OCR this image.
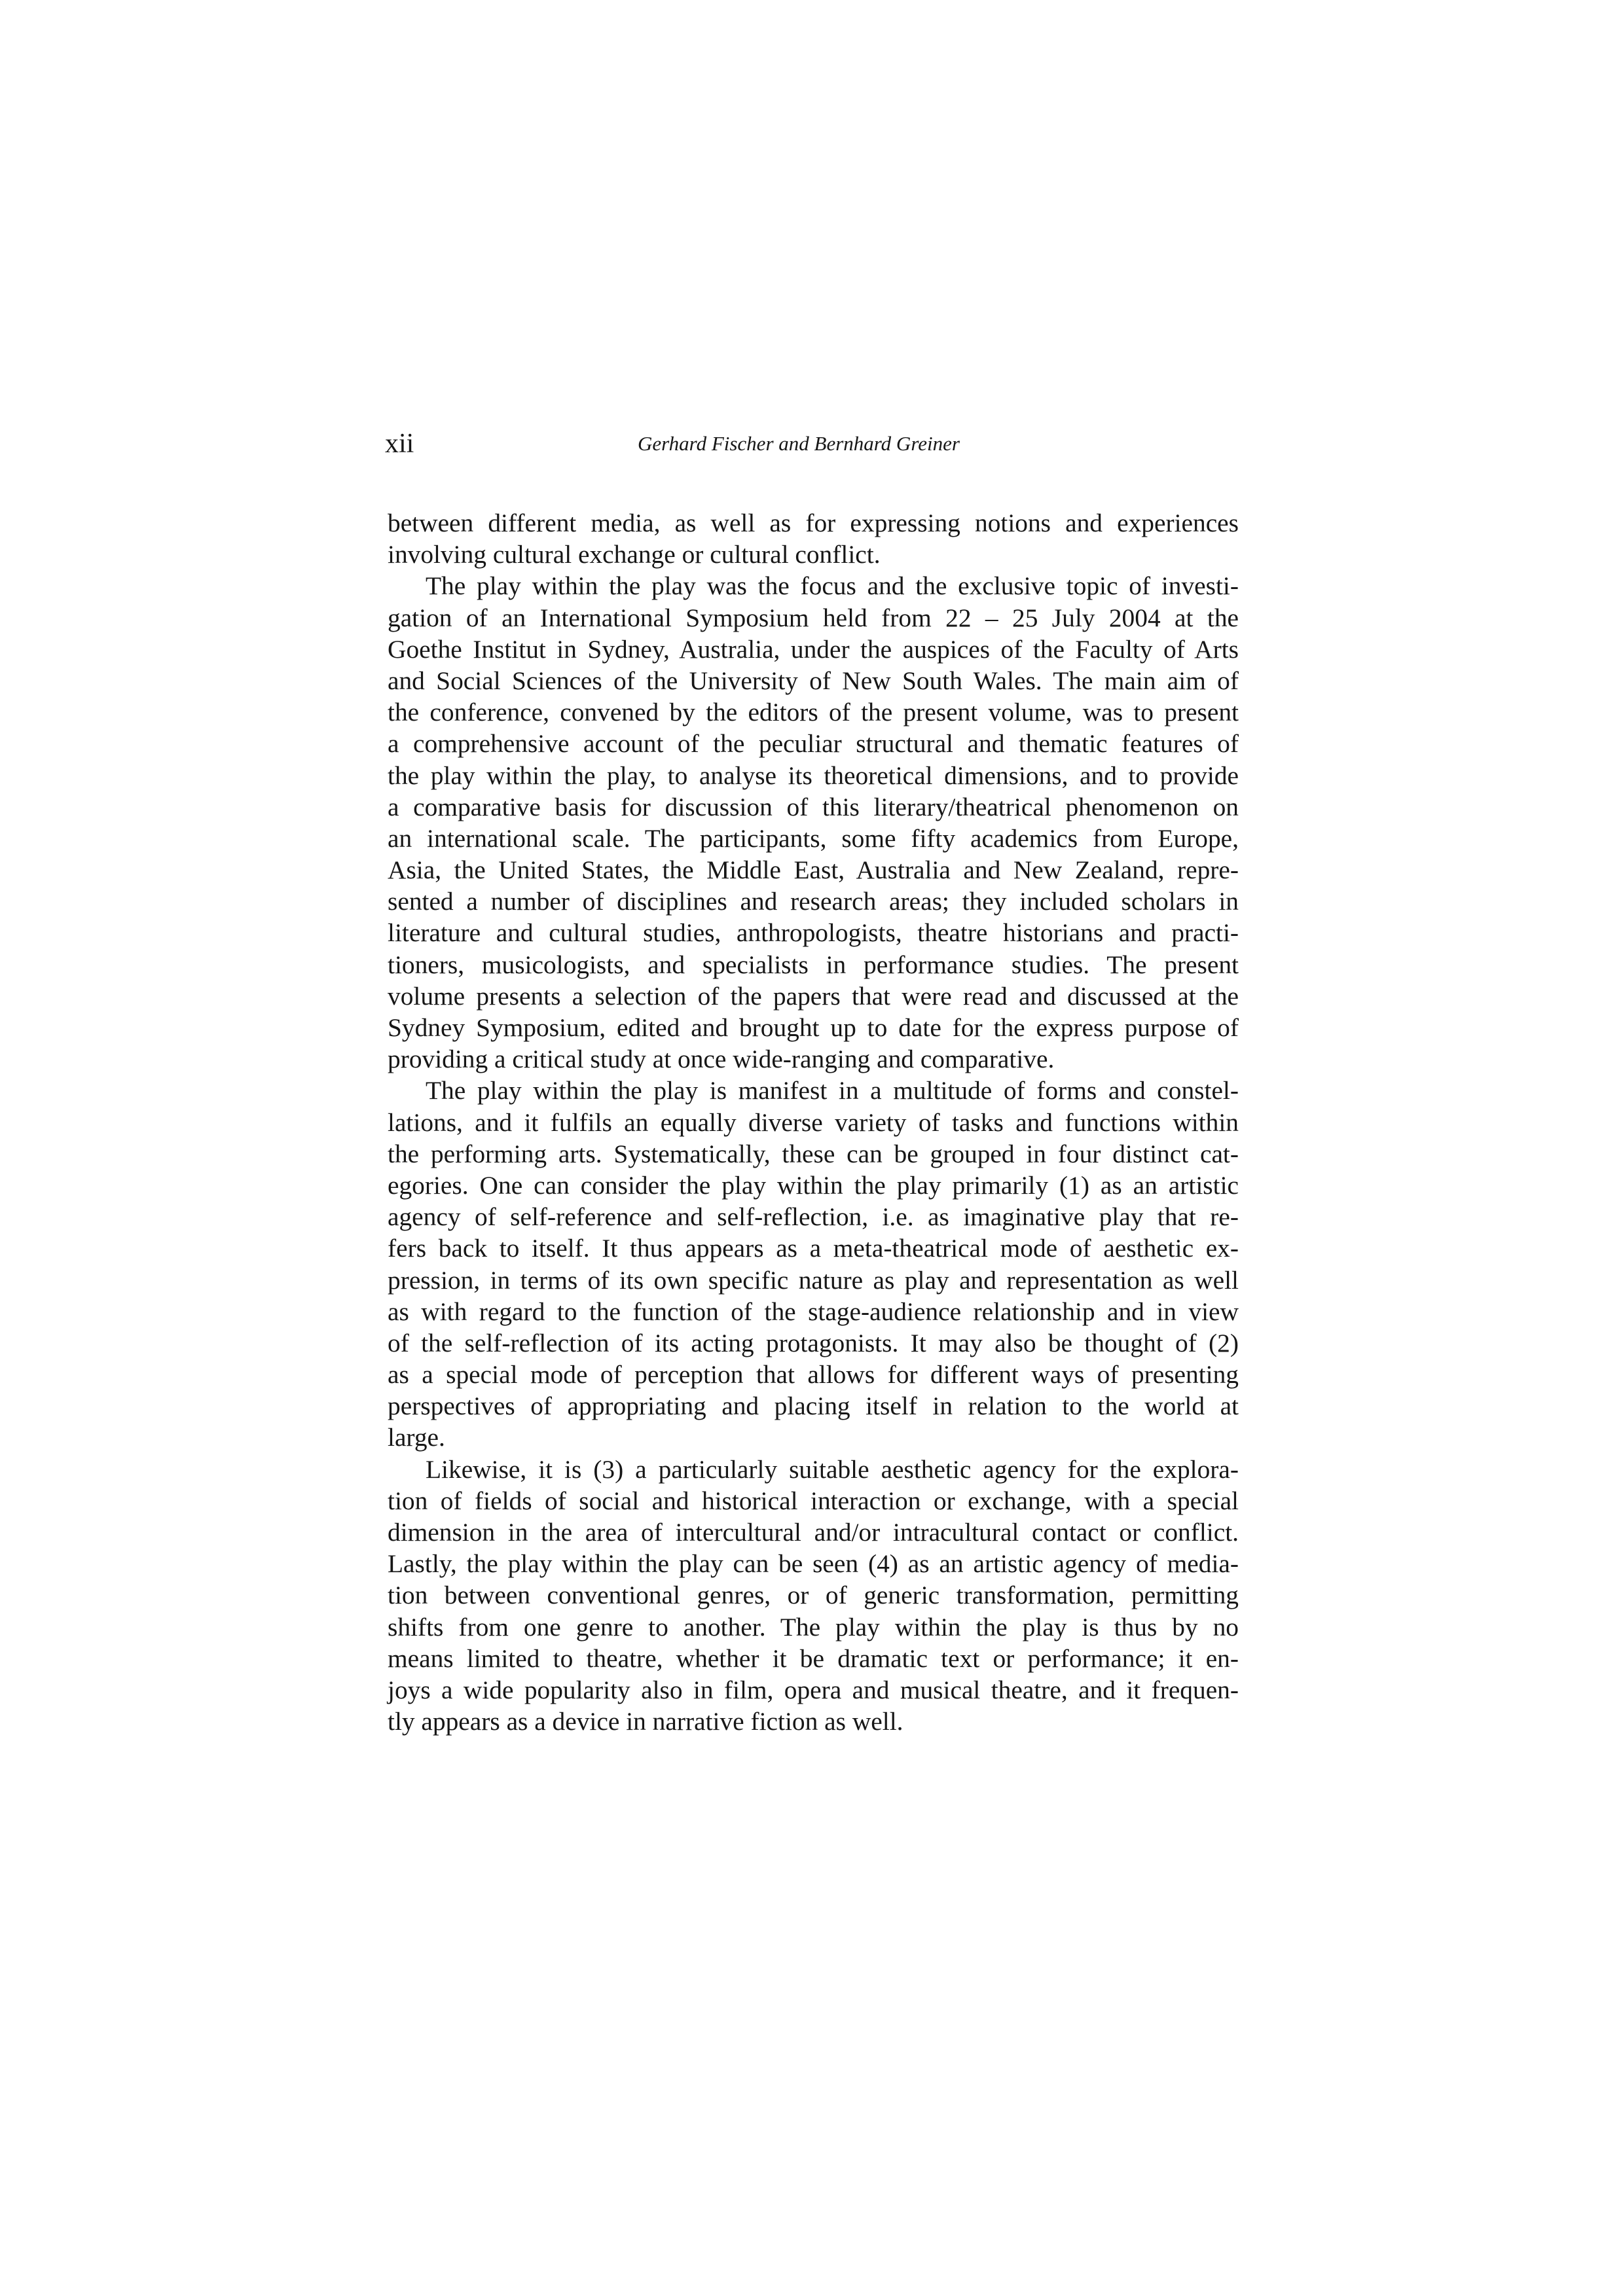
xii	Gerhard Fischer and Bernhard Greiner
between different media, as well as for expressing notions and experiences
involving cultural exchange or cultural conflict.
The play within the play was the focus and the exclusive topic of investi-
gation of an International Symposium held from 22 – 25 July 2004 at the
Goethe Institut in Sydney, Australia, under the auspices of the Faculty of Arts
and Social Sciences of the University of New South Wales. The main aim of
the conference, convened by the editors of the present volume, was to present
a comprehensive account of the peculiar structural and thematic features of
the play within the play, to analyse its theoretical dimensions, and to provide
a comparative basis for discussion of this literary/theatrical phenomenon on
an international scale. The participants, some fifty academics from Europe,
Asia, the United States, the Middle East, Australia and New Zealand, repre-
sented a number of disciplines and research areas; they included scholars in
literature and cultural studies, anthropologists, theatre historians and practi-
tioners, musicologists, and specialists in performance studies. The present
volume presents a selection of the papers that were read and discussed at the
Sydney Symposium, edited and brought up to date for the express purpose of
providing a critical study at once wide-ranging and comparative.
The play within the play is manifest in a multitude of forms and constel-
lations, and it fulfils an equally diverse variety of tasks and functions within
the performing arts. Systematically, these can be grouped in four distinct cat-
egories. One can consider the play within the play primarily (1) as an artistic
agency of self-reference and self-reflection, i.e. as imaginative play that re-
fers back to itself. It thus appears as a meta-theatrical mode of aesthetic ex-
pression, in terms of its own specific nature as play and representation as well
as with regard to the function of the stage-audience relationship and in view
of the self-reflection of its acting protagonists. It may also be thought of (2)
as a special mode of perception that allows for different ways of presenting
perspectives of appropriating and placing itself in relation to the world at
large.
Likewise, it is (3) a particularly suitable aesthetic agency for the explora-
tion of fields of social and historical interaction or exchange, with a special
dimension in the area of intercultural and/or intracultural contact or conflict.
Lastly, the play within the play can be seen (4) as an artistic agency of media-
tion between conventional genres, or of generic transformation, permitting
shifts from one genre to another. The play within the play is thus by no
means limited to theatre, whether it be dramatic text or performance; it en-
joys a wide popularity also in film, opera and musical theatre, and it frequen-
tly appears as a device in narrative fiction as well.
